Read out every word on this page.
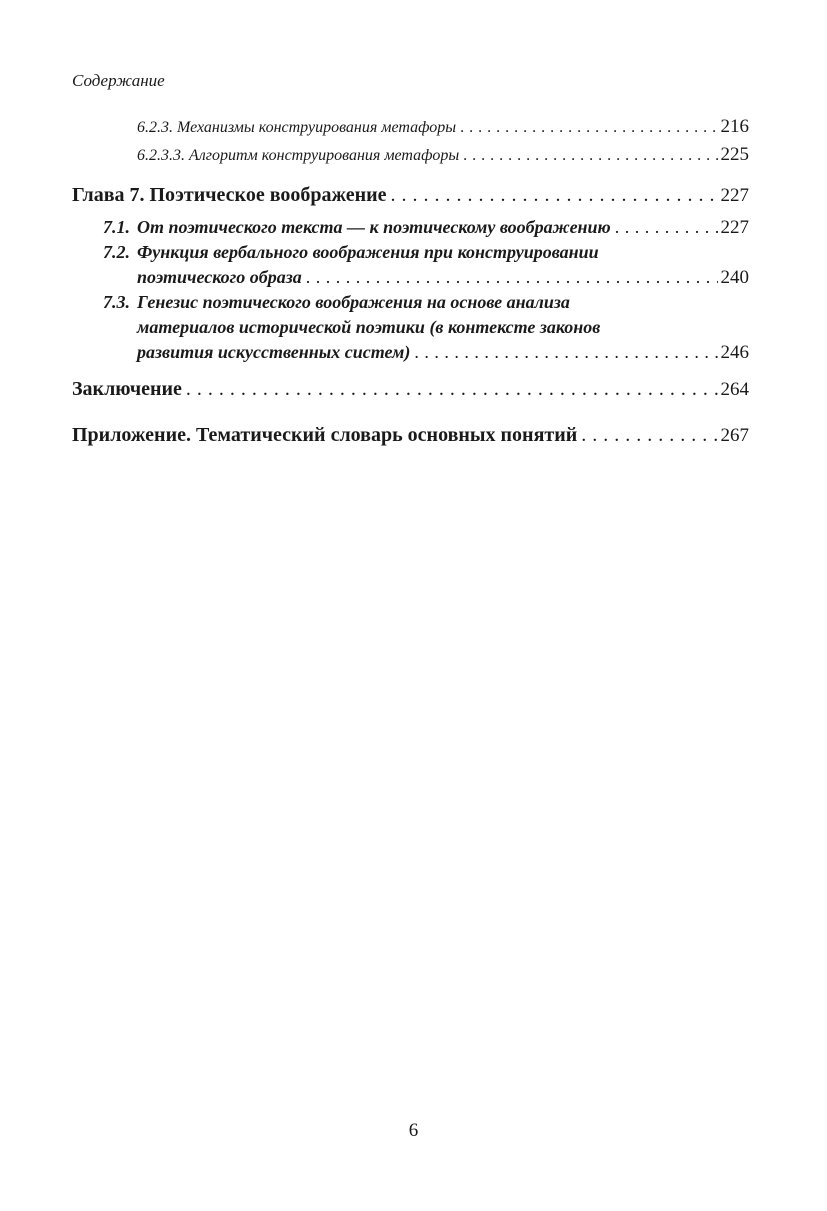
Содержание
6.2.3. Механизмы конструирования метафоры . . .	216
6.2.3.3. Алгоритм конструирования метафоры . . .	225
Глава 7. Поэтическое воображение . . .	227
7.1. От поэтического текста — к поэтическому воображению . . .	227
7.2. Функция вербального воображения при конструировании
поэтического образа . . .	240
7.3. Генезис поэтического воображения на основе анализа
материалов исторической поэтики (в контексте законов
развития искусственных систем) . . .	246
Заключение . . .	264
Приложение. Тематический словарь основных понятий . . .	267
6
